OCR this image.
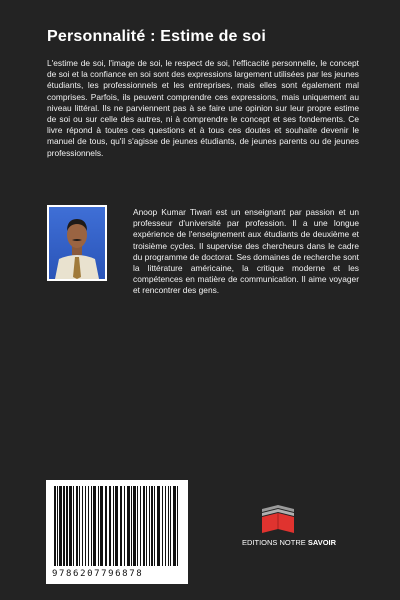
Personnalité : Estime de soi
L'estime de soi, l'image de soi, le respect de soi, l'efficacité personnelle, le concept de soi et la confiance en soi sont des expressions largement utilisées par les jeunes étudiants, les professionnels et les entreprises, mais elles sont également mal comprises. Parfois, ils peuvent comprendre ces expressions, mais uniquement au niveau littéral. Ils ne parviennent pas à se faire une opinion sur leur propre estime de soi ou sur celle des autres, ni à comprendre le concept et ses fondements. Ce livre répond à toutes ces questions et à tous ces doutes et souhaite devenir le manuel de tous, qu'il s'agisse de jeunes étudiants, de jeunes parents ou de jeunes professionnels.
Anoop Kumar Tiwari est un enseignant par passion et un professeur d'université par profession. Il a une longue expérience de l'enseignement aux étudiants de deuxième et troisième cycles. Il supervise des chercheurs dans le cadre du programme de doctorat. Ses domaines de recherche sont la littérature américaine, la critique moderne et les compétences en matière de communication. Il aime voyager et rencontrer des gens.
9786207796878
EDITIONS NOTRE SAVOIR
